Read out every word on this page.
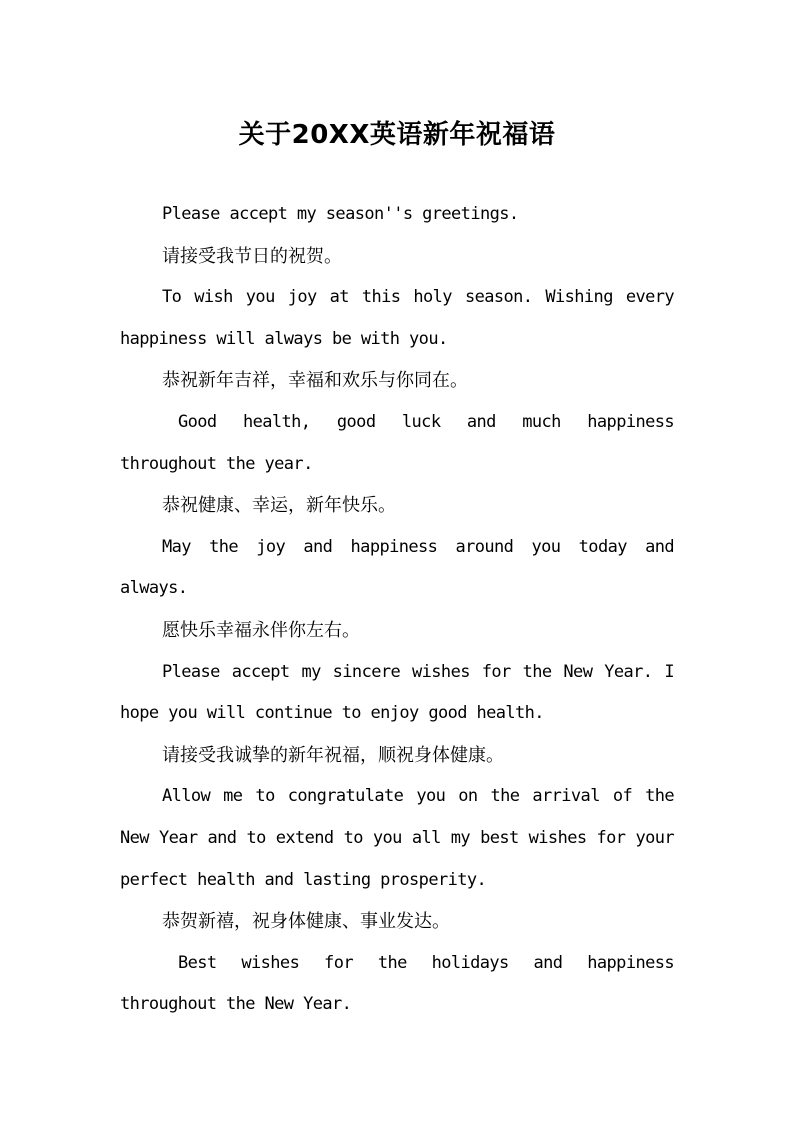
关于20XX英语新年祝福语

Please accept my season''s greetings.

请接受我节日的祝贺。

To wish you joy at this holy season. Wishing every happiness will always be with you.

恭祝新年吉祥，幸福和欢乐与你同在。

Good health, good luck and much happiness throughout the year.

恭祝健康、幸运，新年快乐。

May the joy and happiness around you today and always.

愿快乐幸福永伴你左右。

Please accept my sincere wishes for the New Year. I hope you will continue to enjoy good health.

请接受我诚挚的新年祝福，顺祝身体健康。

Allow me to congratulate you on the arrival of the New Year and to extend to you all my best wishes for your perfect health and lasting prosperity.

恭贺新禧，祝身体健康、事业发达。

Best wishes for the holidays and happiness throughout the New Year.
